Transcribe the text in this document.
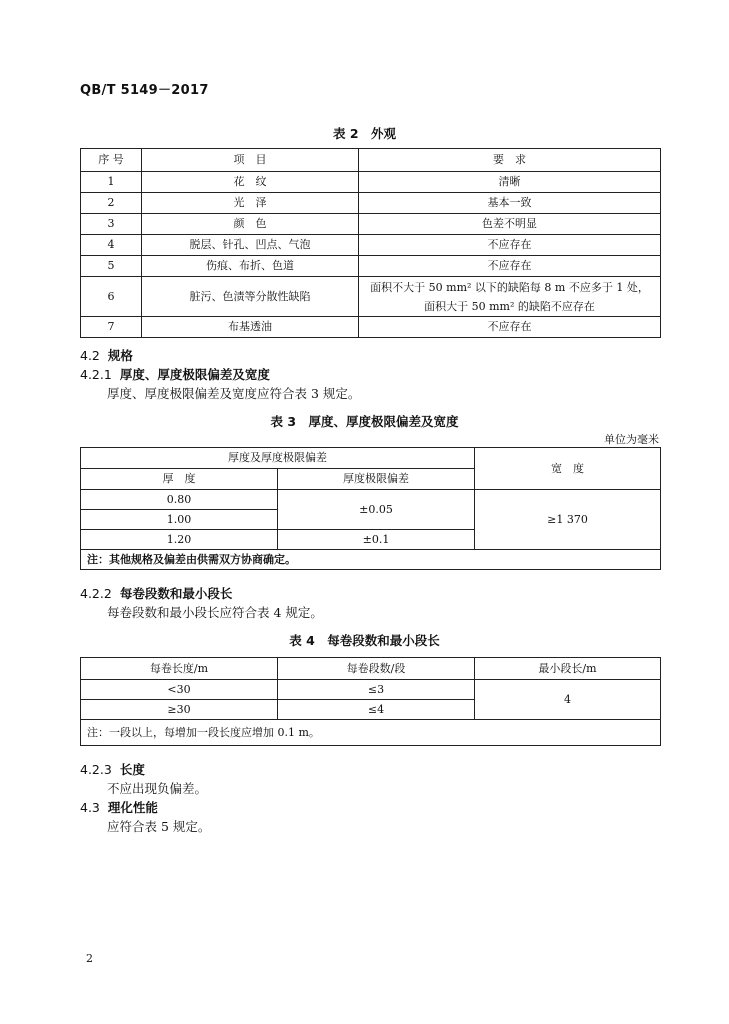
QB/T 5149－2017
表 2　外观
序 号	项　目	要　求
1	花　纹	清晰
2	光　泽	基本一致
3	颜　色	色差不明显
4	脱层、针孔、凹点、气泡	不应存在
5	伤痕、布折、色道	不应存在
6	脏污、色渍等分散性缺陷	面积不大于 50 mm² 以下的缺陷每 8 m 不应多于 1 处，
面积大于 50 mm² 的缺陷不应存在

7	布基透油	不应存在
4.2 规格
4.2.1 厚度、厚度极限偏差及宽度
厚度、厚度极限偏差及宽度应符合表 3 规定。
表 3　厚度、厚度极限偏差及宽度
单位为毫米
厚度及厚度极限偏差		宽　度
厚　度	厚度极限偏差	
0.80	±0.05	≥1 370
1.00		
1.20	±0.1	
注：其他规格及偏差由供需双方协商确定。		
4.2.2 每卷段数和最小段长
每卷段数和最小段长应符合表 4 规定。
表 4　每卷段数和最小段长
每卷长度/m	每卷段数/段	最小段长/m
<30	≤3	4
≥30	≤4	
注：一段以上，每增加一段长度应增加 0.1 m。		
4.2.3 长度
不应出现负偏差。
4.3 理化性能
应符合表 5 规定。
2
